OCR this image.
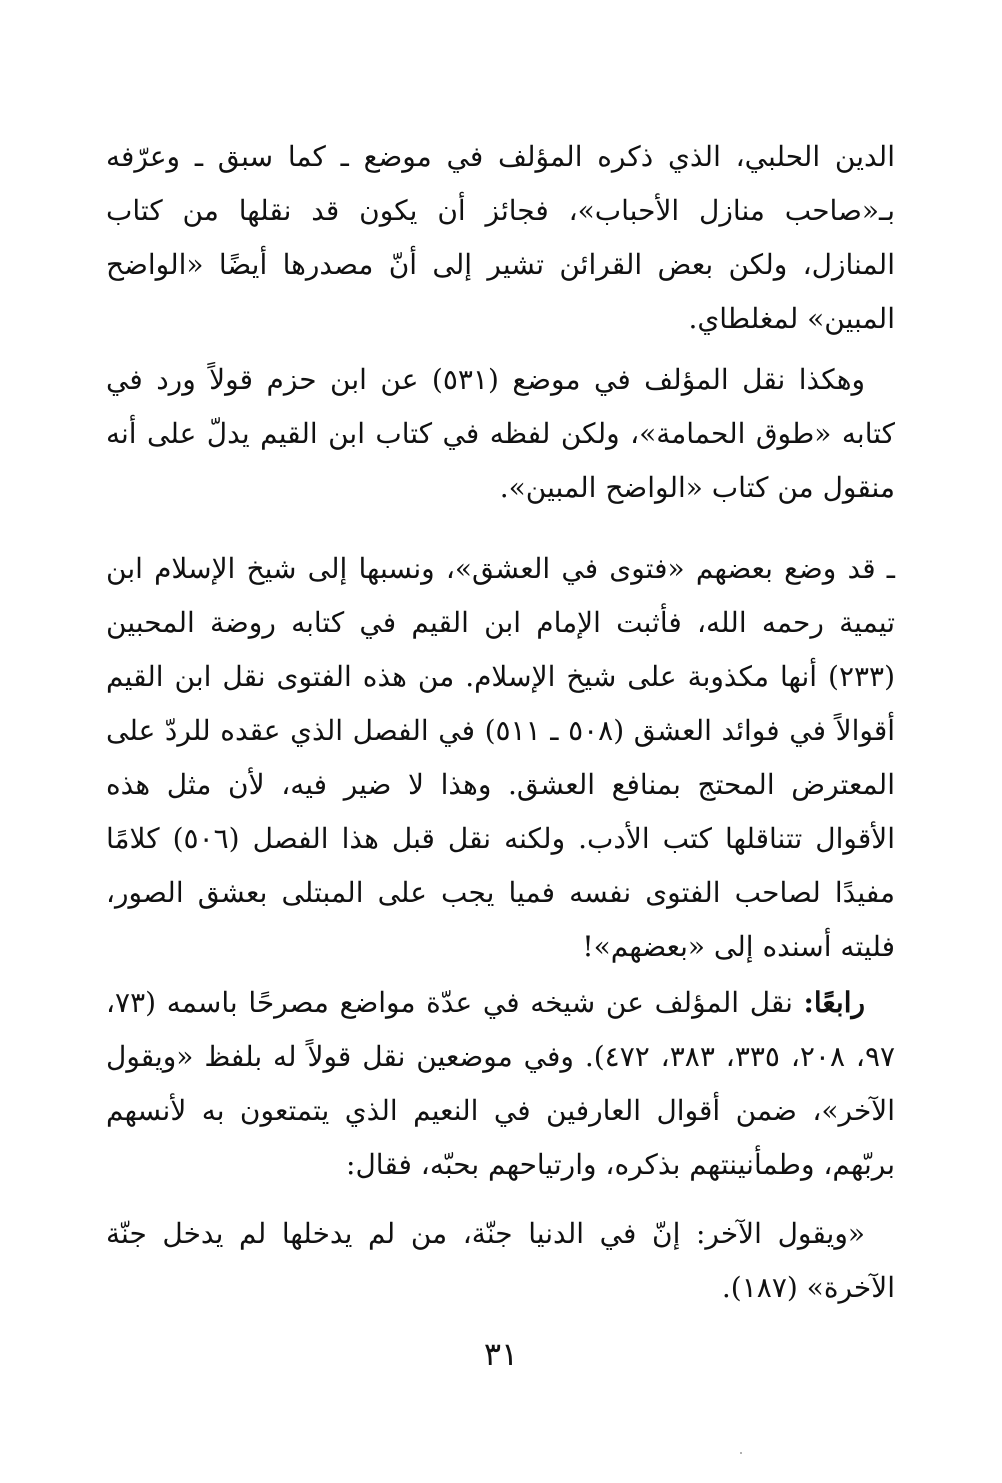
الدين الحلبي، الذي ذكره المؤلف في موضع ـ كما سبق ـ وعرّفه بـ«صاحب منازل الأحباب»، فجائز أن يكون قد نقلها من كتاب المنازل، ولكن بعض القرائن تشير إلى أنّ مصدرها أيضًا «الواضح المبين» لمغلطاي.
وهكذا نقل المؤلف في موضع (٥٣١) عن ابن حزم قولاً ورد في كتابه «طوق الحمامة»، ولكن لفظه في كتاب ابن القيم يدلّ على أنه منقول من كتاب «الواضح المبين».
ـ قد وضع بعضهم «فتوى في العشق»، ونسبها إلى شيخ الإسلام ابن تيمية رحمه الله، فأثبت الإمام ابن القيم في كتابه روضة المحبين (٢٣٣) أنها مكذوبة على شيخ الإسلام. من هذه الفتوى نقل ابن القيم أقوالاً في فوائد العشق (٥٠٨ ـ ٥١١) في الفصل الذي عقده للردّ على المعترض المحتج بمنافع العشق. وهذا لا ضير فيه، لأن مثل هذه الأقوال تتناقلها كتب الأدب. ولكنه نقل قبل هذا الفصل (٥٠٦) كلامًا مفيدًا لصاحب الفتوى نفسه فميا يجب على المبتلى بعشق الصور، فليته أسنده إلى «بعضهم»!
رابعًا: نقل المؤلف عن شيخه في عدّة مواضع مصرحًا باسمه (٧٣، ٩٧، ٢٠٨، ٣٣٥، ٣٨٣، ٤٧٢). وفي موضعين نقل قولاً له بلفظ «ويقول الآخر»، ضمن أقوال العارفين في النعيم الذي يتمتعون به لأنسهم بربّهم، وطمأنينتهم بذكره، وارتياحهم بحبّه، فقال:
«ويقول الآخر: إنّ في الدنيا جنّة، من لم يدخلها لم يدخل جنّة الآخرة» (١٨٧).
٣١
